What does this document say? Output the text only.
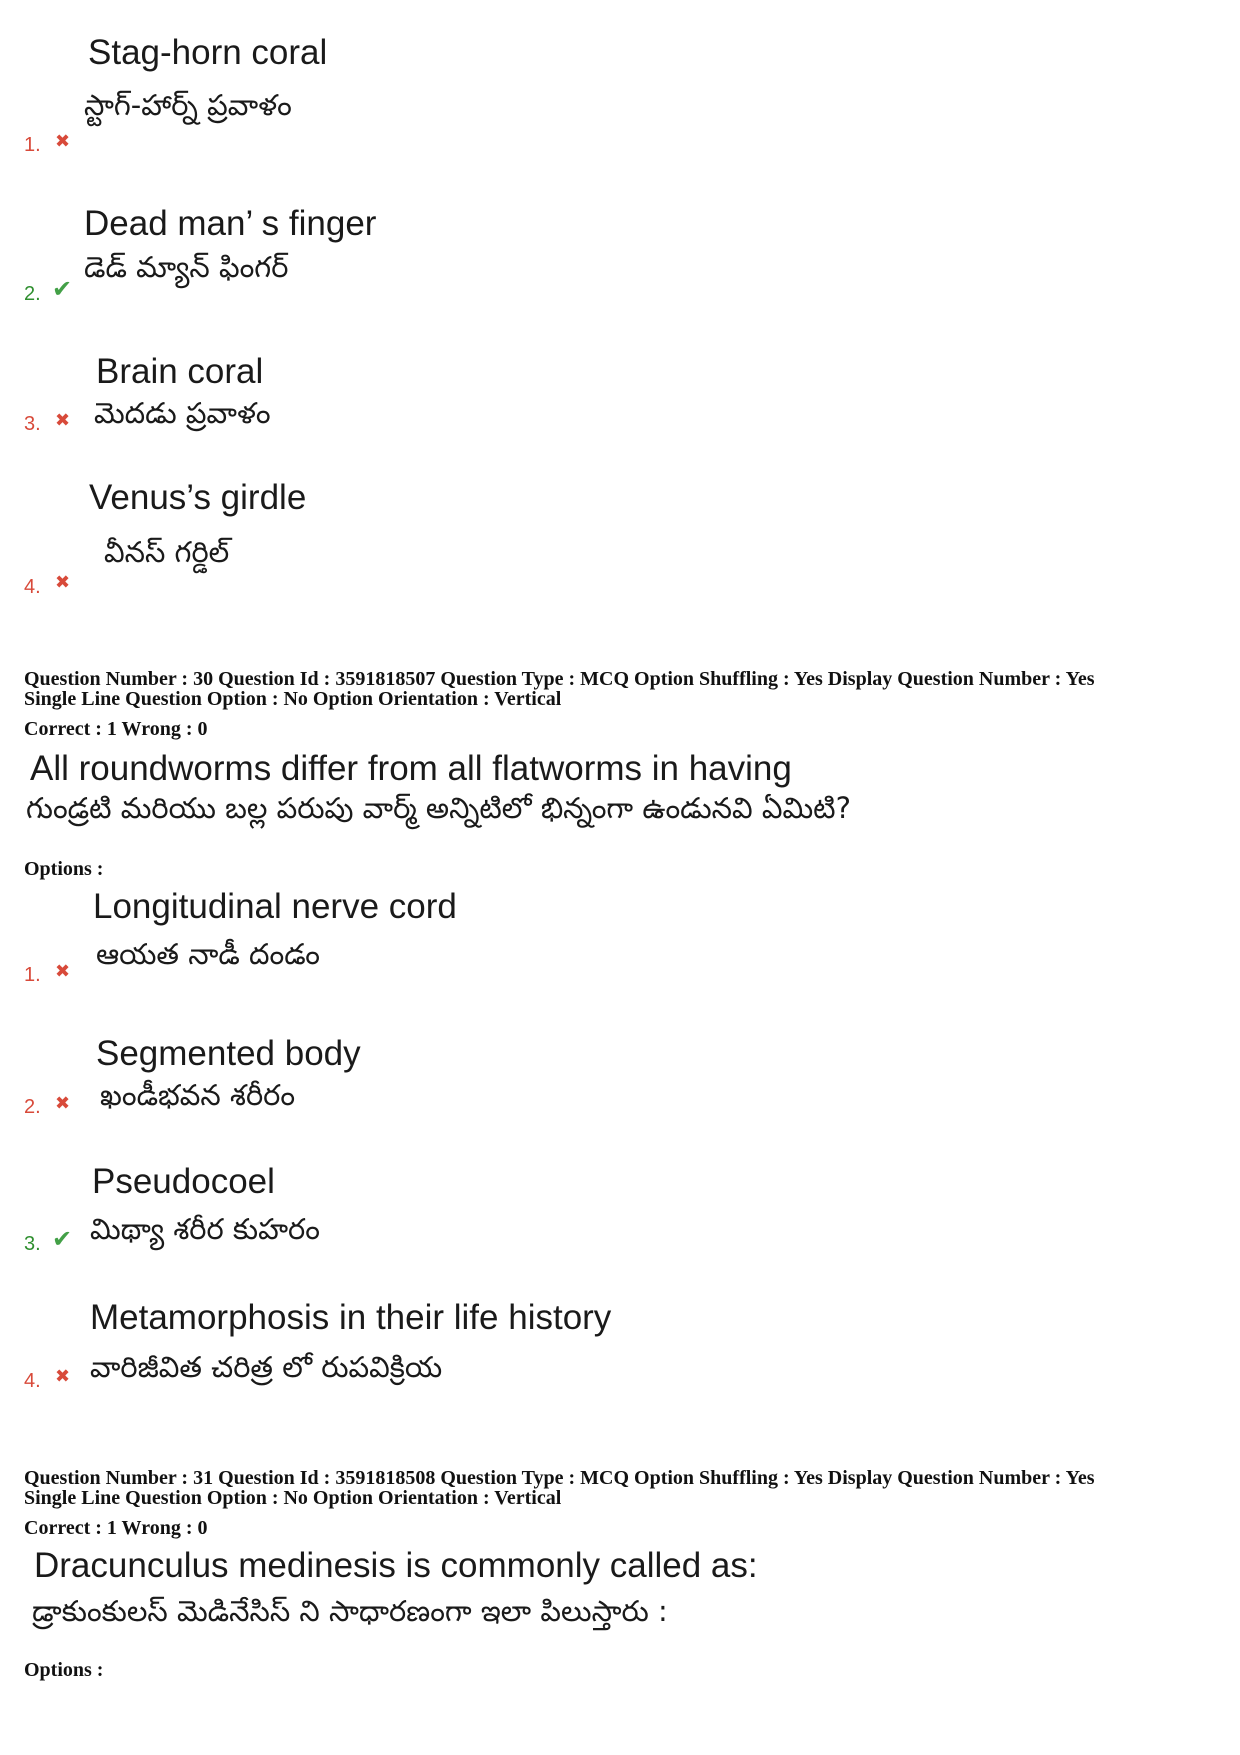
Stag-horn coral
స్టాగ్-హార్న్ ప్రవాళం
1. ✖
Dead man’ s finger
డెడ్ మ్యాన్ ఫింగర్
2. ✔
Brain coral
మెదడు ప్రవాళం
3. ✖
Venus’s girdle
వీనస్ గర్డిల్
4. ✖
Question Number : 30 Question Id : 3591818507 Question Type : MCQ Option Shuffling : Yes Display Question Number : Yes
Single Line Question Option : No Option Orientation : Vertical
Correct : 1 Wrong : 0
All roundworms differ from all flatworms in having
గుండ్రటి మరియు బల్ల పరుపు వార్మ్ అన్నిటిలో భిన్నంగా ఉండునవి ఏమిటి?
Options :
Longitudinal nerve cord
ఆయత నాడీ దండం
1. ✖
Segmented body
ఖండీభవన శరీరం
2. ✖
Pseudocoel
మిథ్యా శరీర కుహరం
3. ✔
Metamorphosis in their life history
వారిజీవిత చరిత్ర లో రుపవిక్రియ
4. ✖
Question Number : 31 Question Id : 3591818508 Question Type : MCQ Option Shuffling : Yes Display Question Number : Yes
Single Line Question Option : No Option Orientation : Vertical
Correct : 1 Wrong : 0
Dracunculus medinesis is commonly called as:
డ్రాకుంకులస్ మెడినేసిస్ ని సాధారణంగా ఇలా పిలుస్తారు :
Options :
